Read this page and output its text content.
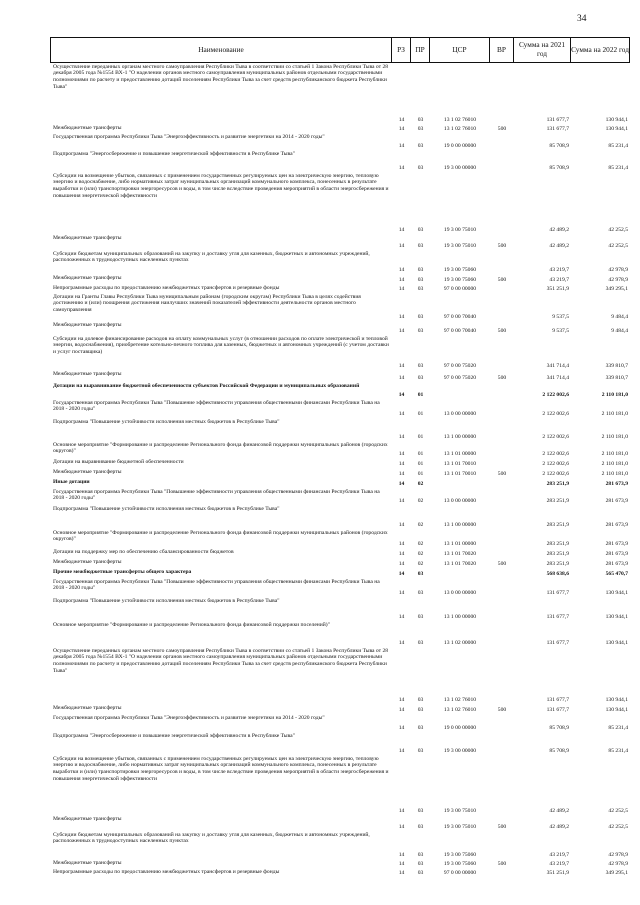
34
Наименование	РЗ	ПР	ЦСР	ВР	Сумма на 2021 год	Сумма на 2022 год
Осуществление переданных органам местного самоуправления Республики Тыва в соответствии со статьей 1 Закона Республики Тыва от 28 декабря 2005 года №1554 ВХ-1 "О наделении органов местного самоуправления муниципальных районов отдельными государственными полномочиями по расчету и предоставлению дотаций поселениям Республики Тыва за счет средств республиканского бюджета Республики Тыва"
14	03	13 1 02 76010	131 677,7	130 944,1
Межбюджетные трансферты	14	03	13 1 02 76010	500	131 677,7	130 944,1
Государственная программа Республики Тыва "Энергоэффективность и развитие энергетики на 2014 - 2020 годы"
14	03	19 0 00 00000	85 708,9	85 231,4
Подпрограмма "Энергосбережение и повышение энергетической эффективности в Республике Тыва"
14	03	19 3 00 00000	85 708,9	85 231,4
Субсидии на возмещение убытков, связанных с применением государственных регулируемых цен на электрическую энергию, тепловую энергию и водоснабжение, либо нормативных затрат муниципальных организаций коммунального комплекса, понесенных в результате выработки и (или) транспортировки энергоресурсов и воды, в том числе вследствие проведения мероприятий в области энергосбережения и повышения энергетической эффективности
14	03	19 3 00 75010	42 489,2	42 252,5
Межбюджетные трансферты
14	03	19 3 00 75010	500	42 489,2	42 252,5
Субсидии бюджетам муниципальных образований на закупку и доставку угля для казенных, бюджетных и автономных учреждений, расположенных в труднодоступных населенных пунктах
14	03	19 3 00 75060	43 219,7	42 978,9
Межбюджетные трансферты	14	03	19 3 00 75060	500	43 219,7	42 978,9
Непрограммные расходы по предоставлению межбюджетных трансфертов и резервные фонды	14	03	97 0 00 00000	351 251,9	349 295,1
Дотации на Гранты Главы Республики Тыва муниципальным районам (городским округам) Республики Тыва в целях содействия достижению и (или) поощрения достижения наилучших значений показателей эффективности деятельности органов местного самоуправления
14	03	97 0 00 70040	9 537,5	9 484,4
Межбюджетные трансферты
14	03	97 0 00 70040	500	9 537,5	9 484,4
Субсидии на долевое финансирование расходов на оплату коммунальных услуг (в отношении расходов по оплате электрической и тепловой энергии, водоснабжения), приобретение котельно-печного топлива для казенных, бюджетных и автономных учреждений (с учетом доставки и услуг поставщика)
14	03	97 0 00 75020	341 714,4	339 810,7
Межбюджетные трансферты
14	03	97 0 00 75020	500	341 714,4	339 810,7
Дотации на выравнивание бюджетной обеспеченности субъектов Российской Федерации и муниципальных образований
14	01	2 122 002,6	2 110 181,0
Государственная программа Республики Тыва "Повышение эффективности управления общественными финансами Республики Тыва на 2018 - 2020 годы"
14	01	13 0 00 00000	2 122 002,6	2 110 181,0
Подпрограмма "Повышение устойчивости исполнения местных бюджетов в Республике Тыва"
14	01	13 1 00 00000	2 122 002,6	2 110 181,0
Основное мероприятие "Формирование и распределение Регионального фонда финансовой поддержки муниципальных районов (городских округов)"	14	01	13 1 01 00000	2 122 002,6	2 110 181,0
Дотации на выравнивание бюджетной обеспеченности	14	01	13 1 01 70010	2 122 002,6	2 110 181,0
Межбюджетные трансферты	14	01	13 1 01 70010	500	2 122 002,6	2 110 181,0
Иные дотации	14	02	283 251,9	281 673,9
Государственная программа Республики Тыва "Повышение эффективности управления общественными финансами Республики Тыва на 2018 - 2020 годы"	14	02	13 0 00 00000	283 251,9	281 673,9
Подпрограмма "Повышение устойчивости исполнения местных бюджетов в Республике Тыва"
14	02	13 1 00 00000	283 251,9	281 673,9
Основное мероприятие "Формирование и распределение Регионального фонда финансовой поддержки муниципальных районов (городских округов)"
14	02	13 1 01 00000	283 251,9	281 673,9
Дотации на поддержку мер по обеспечению сбалансированности бюджетов	14	02	13 1 01 70020	283 251,9	281 673,9
Межбюджетные трансферты	14	02	13 1 01 70020	500	283 251,9	281 673,9
Прочие межбюджетные трансферты общего характера	14	03	568 638,6	565 470,7
Государственная программа Республики Тыва "Повышение эффективности управления общественными финансами Республики Тыва на 2018 - 2020 годы"
14	03	13 0 00 00000	131 677,7	130 944,1
Подпрограмма "Повышение устойчивости исполнения местных бюджетов в Республике Тыва"
14	03	13 1 00 00000	131 677,7	130 944,1
Основное мероприятие "Формирование и распределение Регионального фонда финансовой поддержки поселений)"
14	03	13 1 02 00000	131 677,7	130 944,1
Осуществление переданных органам местного самоуправления Республики Тыва в соответствии со статьей 1 Закона Республики Тыва от 28 декабря 2005 года №1554 ВХ-1 "О наделении органов местного самоуправления муниципальных районов отдельными государственными полномочиями по расчету и предоставлению дотаций поселениям Республики Тыва за счет средств республиканского бюджета Республики Тыва"
14	03	13 1 02 76010	131 677,7	130 944,1
Межбюджетные трансферты	14	03	13 1 02 76010	500	131 677,7	130 944,1
Государственная программа Республики Тыва "Энергоэффективность и развитие энергетики на 2014 - 2020 годы"
14	03	19 0 00 00000	85 708,9	85 231,4
Подпрограмма "Энергосбережение и повышение энергетической эффективности в Республике Тыва"
14	03	19 3 00 00000	85 708,9	85 231,4
Субсидии на возмещение убытков, связанных с применением государственных регулируемых цен на электрическую энергию, тепловую энергию и водоснабжение, либо нормативных затрат муниципальных организаций коммунального комплекса, понесенных в результате выработки и (или) транспортировки энергоресурсов и воды, в том числе вследствие проведения мероприятий в области энергосбережения и повышения энергетической эффективности
14	03	19 3 00 75010	42 489,2	42 252,5
Межбюджетные трансферты
14	03	19 3 00 75010	500	42 489,2	42 252,5
Субсидии бюджетам муниципальных образований на закупку и доставку угля для казенных, бюджетных и автономных учреждений, расположенных в труднодоступных населенных пунктах
14	03	19 3 00 75060	43 219,7	42 978,9
Межбюджетные трансферты	14	03	19 3 00 75060	500	43 219,7	42 978,9
Непрограммные расходы по предоставлению межбюджетных трансфертов и резервные фонды	14	03	97 0 00 00000	351 251,9	349 295,1
